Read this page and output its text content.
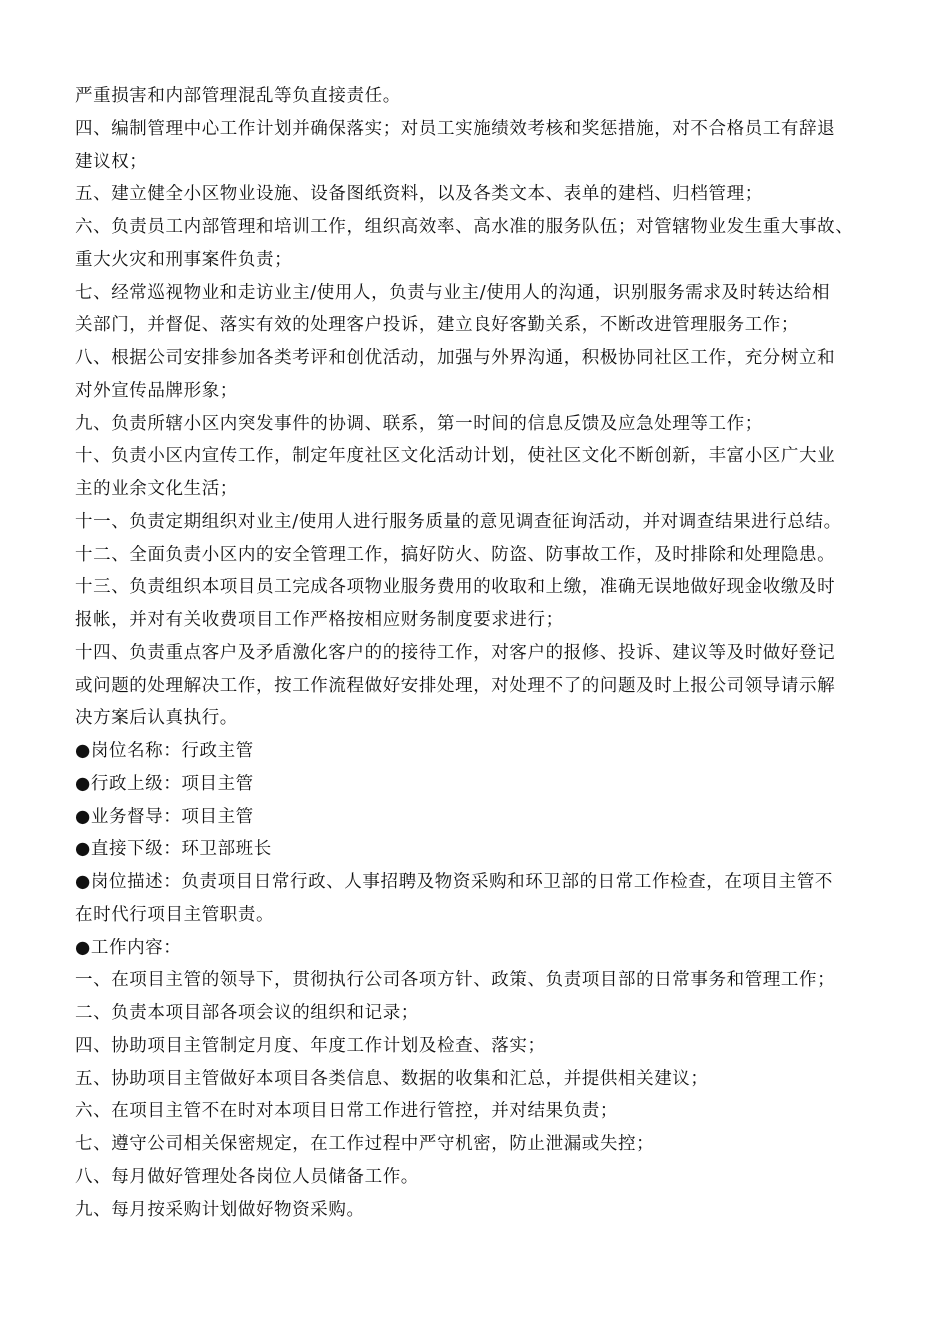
严重损害和内部管理混乱等负直接责任。
四、编制管理中心工作计划并确保落实；对员工实施绩效考核和奖惩措施，对不合格员工有辞退
建议权；
五、建立健全小区物业设施、设备图纸资料，以及各类文本、表单的建档、归档管理；
六、负责员工内部管理和培训工作，组织高效率、高水准的服务队伍；对管辖物业发生重大事故、
重大火灾和刑事案件负责；
七、经常巡视物业和走访业主/使用人，负责与业主/使用人的沟通，识别服务需求及时转达给相
关部门，并督促、落实有效的处理客户投诉，建立良好客勤关系，不断改进管理服务工作；
八、根据公司安排参加各类考评和创优活动，加强与外界沟通，积极协同社区工作，充分树立和
对外宣传品牌形象；
九、负责所辖小区内突发事件的协调、联系，第一时间的信息反馈及应急处理等工作；
十、负责小区内宣传工作，制定年度社区文化活动计划，使社区文化不断创新，丰富小区广大业
主的业余文化生活；
十一、负责定期组织对业主/使用人进行服务质量的意见调查征询活动，并对调查结果进行总结。
十二、全面负责小区内的安全管理工作，搞好防火、防盗、防事故工作，及时排除和处理隐患。
十三、负责组织本项目员工完成各项物业服务费用的收取和上缴，准确无误地做好现金收缴及时
报帐，并对有关收费项目工作严格按相应财务制度要求进行；
十四、负责重点客户及矛盾激化客户的的接待工作，对客户的报修、投诉、建议等及时做好登记
或问题的处理解决工作，按工作流程做好安排处理，对处理不了的问题及时上报公司领导请示解
决方案后认真执行。
●岗位名称：行政主管
●行政上级：项目主管
●业务督导：项目主管
●直接下级：环卫部班长
●岗位描述：负责项目日常行政、人事招聘及物资采购和环卫部的日常工作检查，在项目主管不
在时代行项目主管职责。
●工作内容：
一、在项目主管的领导下，贯彻执行公司各项方针、政策、负责项目部的日常事务和管理工作；
二、负责本项目部各项会议的组织和记录；
四、协助项目主管制定月度、年度工作计划及检查、落实；
五、协助项目主管做好本项目各类信息、数据的收集和汇总，并提供相关建议；
六、在项目主管不在时对本项目日常工作进行管控，并对结果负责；
七、遵守公司相关保密规定，在工作过程中严守机密，防止泄漏或失控；
八、每月做好管理处各岗位人员储备工作。
九、每月按采购计划做好物资采购。
